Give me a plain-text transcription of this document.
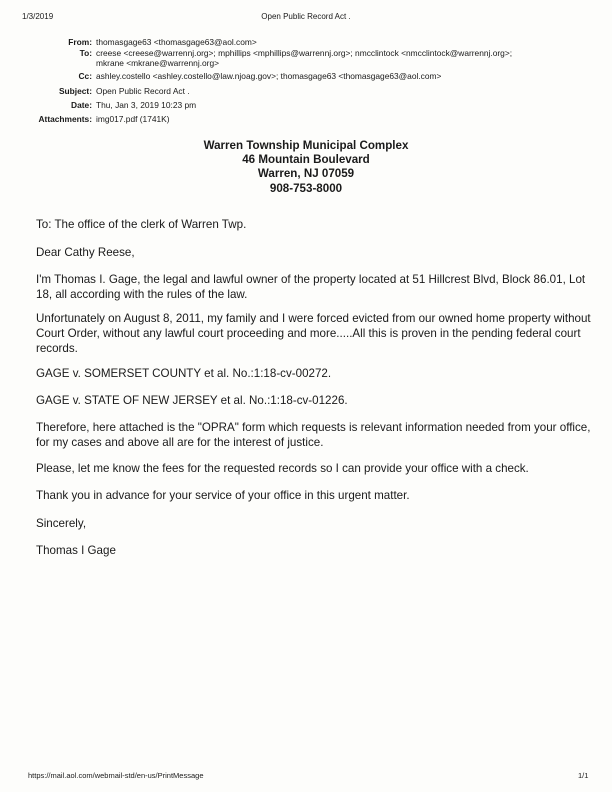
1/3/2019	Open Public Record Act .
From: thomasgage63 <thomasgage63@aol.com>
To: creese <creese@warrennj.org>; mphillips <mphillips@warrennj.org>; nmcclintock <nmcclintock@warrennj.org>;
mkrane <mkrane@warrennj.org>
Cc: ashley.costello <ashley.costello@law.njoag.gov>; thomasgage63 <thomasgage63@aol.com>
Subject: Open Public Record Act .
Date: Thu, Jan 3, 2019 10:23 pm
Attachments: img017.pdf (1741K)
Warren Township Municipal Complex
46 Mountain Boulevard
Warren, NJ 07059
908-753-8000
To: The office of the clerk of Warren Twp.
Dear Cathy Reese,
I'm Thomas I. Gage, the legal and lawful owner of the property located at 51 Hillcrest Blvd, Block 86.01, Lot 18, all according with the rules of the law.
Unfortunately on August 8, 2011, my family and I were forced evicted from our owned home property without Court Order, without any lawful court proceeding and more.....All this is proven in the pending federal court records.
GAGE v. SOMERSET COUNTY et al. No.:1:18-cv-00272.
GAGE v. STATE OF NEW JERSEY et al. No.:1:18-cv-01226.
Therefore, here attached is the "OPRA" form which requests is relevant information needed from your office, for my cases and above all are for the interest of justice.
Please, let me know the fees for the requested records so I can provide your office with a check.
Thank you in advance for your service of your office in this urgent matter.
Sincerely,
Thomas I Gage
https://mail.aol.com/webmail-std/en-us/PrintMessage	1/1
